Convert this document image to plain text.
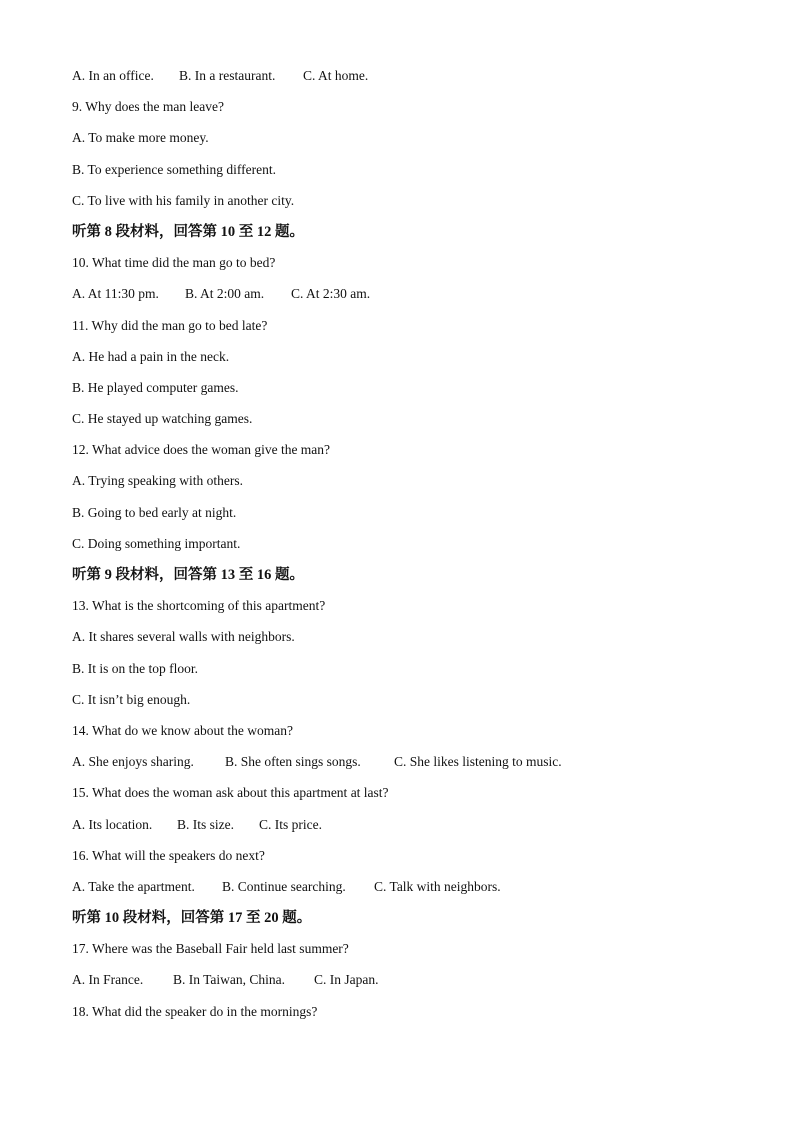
A. In an office. B. In a restaurant. C. At home.
9. Why does the man leave?
A. To make more money.
B. To experience something different.
C. To live with his family in another city.
听第 8 段材料，回答第 10 至 12 题。
10. What time did the man go to bed?
A. At 11:30 pm. B. At 2:00 am. C. At 2:30 am.
11. Why did the man go to bed late?
A. He had a pain in the neck.
B. He played computer games.
C. He stayed up watching games.
12. What advice does the woman give the man?
A. Trying speaking with others.
B. Going to bed early at night.
C. Doing something important.
听第 9 段材料，回答第 13 至 16 题。
13. What is the shortcoming of this apartment?
A. It shares several walls with neighbors.
B. It is on the top floor.
C. It isn’t big enough.
14. What do we know about the woman?
A. She enjoys sharing. B. She often sings songs. C. She likes listening to music.
15. What does the woman ask about this apartment at last?
A. Its location. B. Its size. C. Its price.
16. What will the speakers do next?
A. Take the apartment. B. Continue searching. C. Talk with neighbors.
听第 10 段材料，回答第 17 至 20 题。
17. Where was the Baseball Fair held last summer?
A. In France. B. In Taiwan, China. C. In Japan.
18. What did the speaker do in the mornings?
